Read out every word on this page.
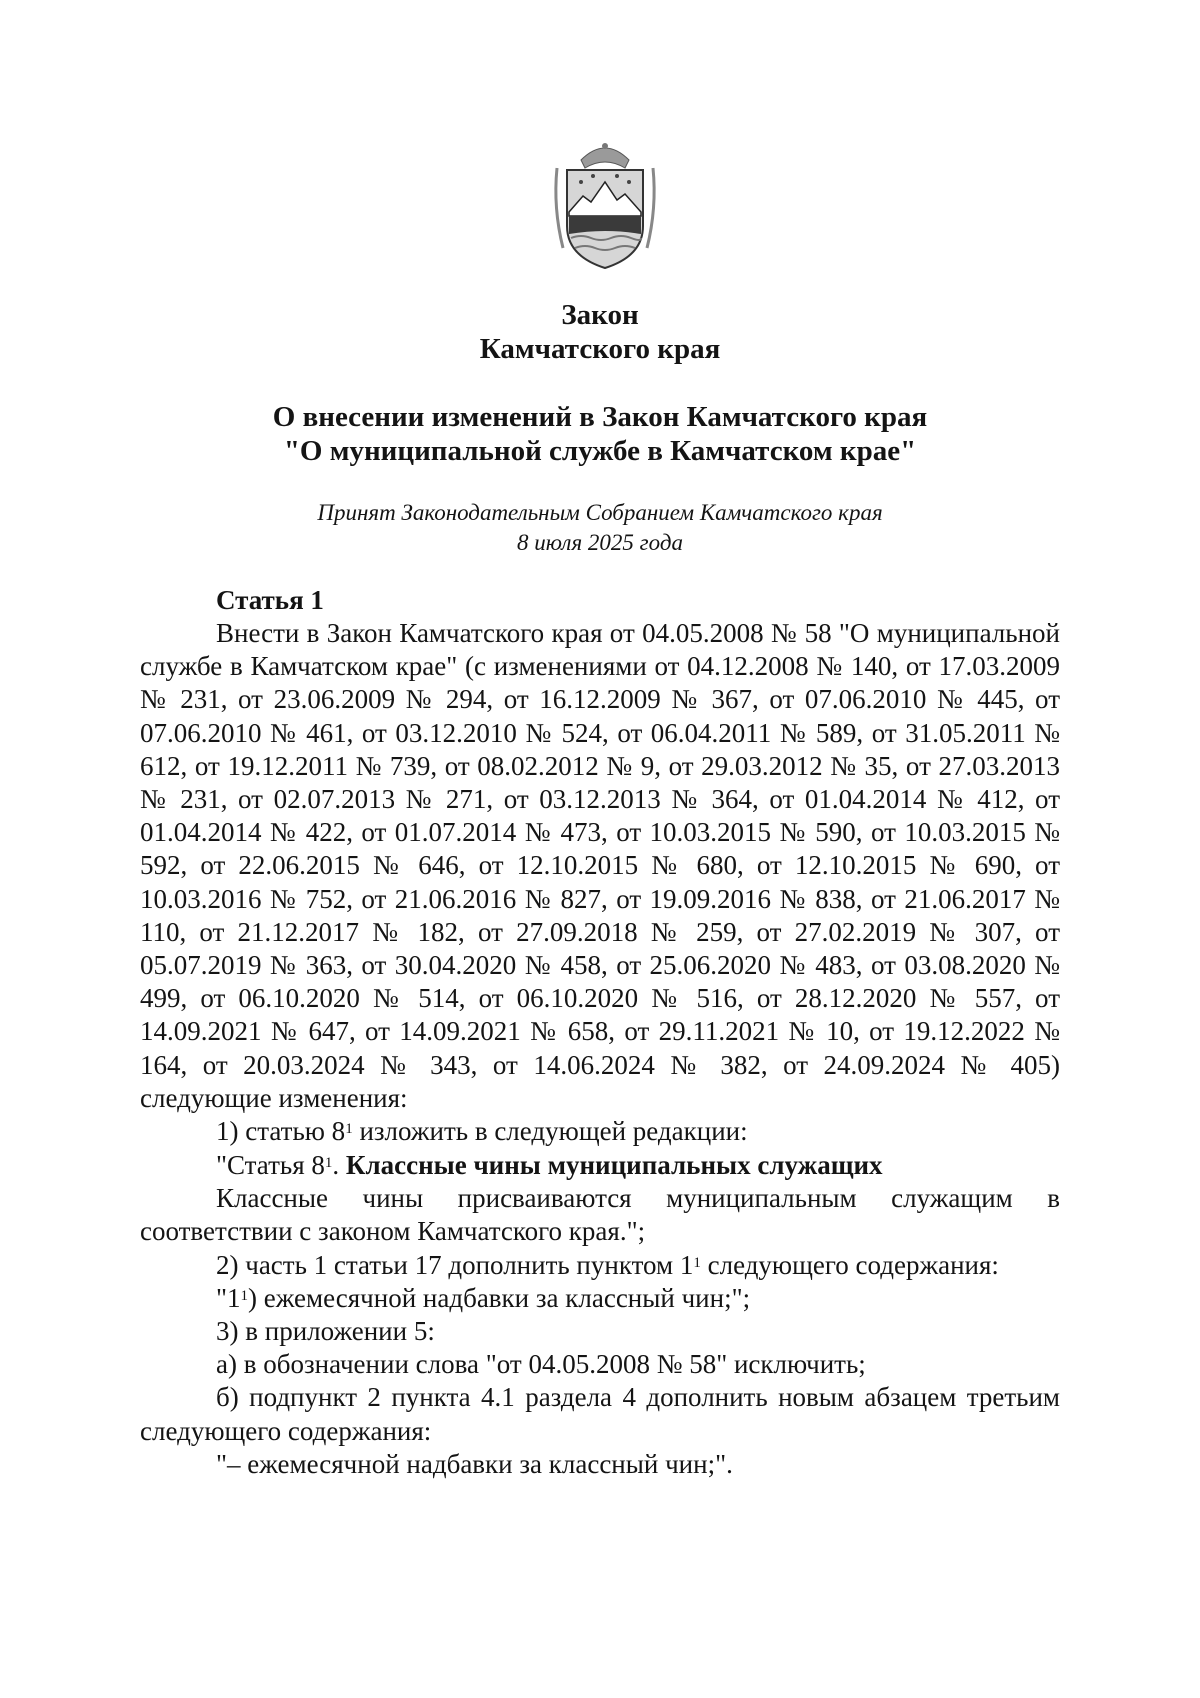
Закон
Камчатского края
О внесении изменений в Закон Камчатского края
"О муниципальной службе в Камчатском крае"
Принят Законодательным Собранием Камчатского края
8 июля 2025 года
Статья 1

Внести в Закон Камчатского края от 04.05.2008 № 58 "О муниципальной службе в Камчатском крае" (с изменениями от 04.12.2008 № 140, от 17.03.2009 № 231, от 23.06.2009 № 294, от 16.12.2009 № 367, от 07.06.2010 № 445, от 07.06.2010 № 461, от 03.12.2010 № 524, от 06.04.2011 № 589, от 31.05.2011 № 612, от 19.12.2011 № 739, от 08.02.2012 № 9, от 29.03.2012 № 35, от 27.03.2013 № 231, от 02.07.2013 № 271, от 03.12.2013 № 364, от 01.04.2014 № 412, от 01.04.2014 № 422, от 01.07.2014 № 473, от 10.03.2015 № 590, от 10.03.2015 № 592, от 22.06.2015 № 646, от 12.10.2015 № 680, от 12.10.2015 № 690, от 10.03.2016 № 752, от 21.06.2016 № 827, от 19.09.2016 № 838, от 21.06.2017 № 110, от 21.12.2017 № 182, от 27.09.2018 № 259, от 27.02.2019 № 307, от 05.07.2019 № 363, от 30.04.2020 № 458, от 25.06.2020 № 483, от 03.08.2020 № 499, от 06.10.2020 № 514, от 06.10.2020 № 516, от 28.12.2020 № 557, от 14.09.2021 № 647, от 14.09.2021 № 658, от 29.11.2021 № 10, от 19.12.2022 № 164, от 20.03.2024 № 343, от 14.06.2024 № 382, от 24.09.2024 № 405) следующие изменения:

1) статью $8^1$ изложить в следующей редакции:

"Статья $8^1$. Классные чины муниципальных служащих

Классные чины присваиваются муниципальным служащим в соответствии с законом Камчатского края.";

2) часть 1 статьи 17 дополнить пунктом $1^1$ следующего содержания:

"$1^1$) ежемесячной надбавки за классный чин;";

3) в приложении 5:

а) в обозначении слова "от 04.05.2008 № 58" исключить;

б) подпункт 2 пункта 4.1 раздела 4 дополнить новым абзацем третьим следующего содержания:

"– ежемесячной надбавки за классный чин;".
